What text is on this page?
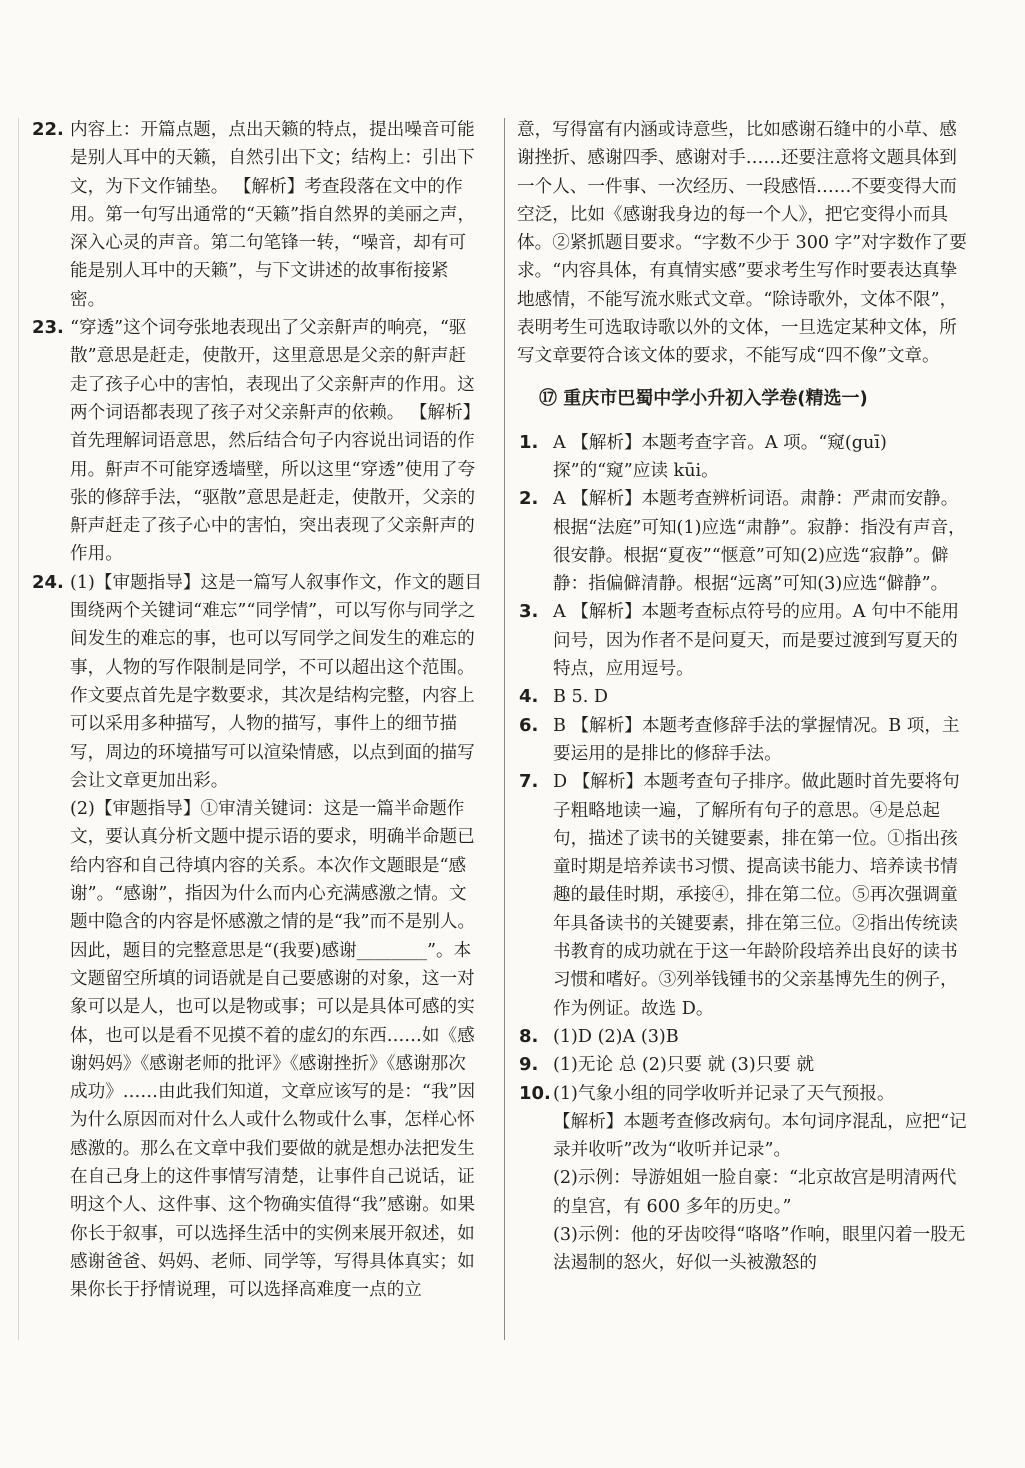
22. 内容上：开篇点题，点出天籁的特点，提出噪音可能是别人耳中的天籁，自然引出下文；结构上：引出下文，为下文作铺垫。 【解析】考查段落在文中的作用。第一句写出通常的“天籁”指自然界的美丽之声，深入心灵的声音。第二句笔锋一转，“噪音，却有可能是别人耳中的天籁”，与下文讲述的故事衔接紧密。

23. “穿透”这个词夸张地表现出了父亲鼾声的响亮，“驱散”意思是赶走，使散开，这里意思是父亲的鼾声赶走了孩子心中的害怕，表现出了父亲鼾声的作用。这两个词语都表现了孩子对父亲鼾声的依赖。 【解析】首先理解词语意思，然后结合句子内容说出词语的作用。鼾声不可能穿透墙壁，所以这里“穿透”使用了夸张的修辞手法，“驱散”意思是赶走，使散开，父亲的鼾声赶走了孩子心中的害怕，突出表现了父亲鼾声的作用。

24. (1)【审题指导】这是一篇写人叙事作文，作文的题目围绕两个关键词“难忘”“同学情”，可以写你与同学之间发生的难忘的事，也可以写同学之间发生的难忘的事，人物的写作限制是同学，不可以超出这个范围。作文要点首先是字数要求，其次是结构完整，内容上可以采用多种描写，人物的描写，事件上的细节描写，周边的环境描写可以渲染情感，以点到面的描写会让文章更加出彩。

(2)【审题指导】①审清关键词：这是一篇半命题作文，要认真分析文题中提示语的要求，明确半命题已给内容和自己待填内容的关系。本次作文题眼是“感谢”。“感谢”，指因为什么而内心充满感激之情。文题中隐含的内容是怀感激之情的是“我”而不是别人。因此，题目的完整意思是“(我要)感谢________”。本文题留空所填的词语就是自己要感谢的对象，这一对象可以是人，也可以是物或事；可以是具体可感的实体，也可以是看不见摸不着的虚幻的东西……如《感谢妈妈》《感谢老师的批评》《感谢挫折》《感谢那次成功》……由此我们知道，文章应该写的是：“我”因为什么原因而对什么人或什么物或什么事，怎样心怀感激的。那么在文章中我们要做的就是想办法把发生在自己身上的这件事情写清楚，让事件自己说话，证明这个人、这件事、这个物确实值得“我”感谢。如果你长于叙事，可以选择生活中的实例来展开叙述，如感谢爸爸、妈妈、老师、同学等，写得具体真实；如果你长于抒情说理，可以选择高难度一点的立

意，写得富有内涵或诗意些，比如感谢石缝中的小草、感谢挫折、感谢四季、感谢对手……还要注意将文题具体到一个人、一件事、一次经历、一段感悟……不要变得大而空泛，比如《感谢我身边的每一个人》，把它变得小而具体。②紧抓题目要求。“字数不少于 300 字”对字数作了要求。“内容具体，有真情实感”要求考生写作时要表达真挚地感情，不能写流水账式文章。“除诗歌外，文体不限”，表明考生可选取诗歌以外的文体，一旦选定某种文体，所写文章要符合该文体的要求，不能写成“四不像”文章。

⑰ 重庆市巴蜀中学小升初入学卷(精选一)
1. A 【解析】本题考查字音。A 项。“窥(guī)探”的“窥”应读 kūi。

2. A 【解析】本题考查辨析词语。肃静：严肃而安静。根据“法庭”可知(1)应选“肃静”。寂静：指没有声音，很安静。根据“夏夜”“惬意”可知(2)应选“寂静”。僻静：指偏僻清静。根据“远离”可知(3)应选“僻静”。

3. A 【解析】本题考查标点符号的应用。A 句中不能用问号，因为作者不是问夏天，而是要过渡到写夏天的特点，应用逗号。

4. B 5. D

6. B 【解析】本题考查修辞手法的掌握情况。B 项，主要运用的是排比的修辞手法。

7. D 【解析】本题考查句子排序。做此题时首先要将句子粗略地读一遍，了解所有句子的意思。④是总起句，描述了读书的关键要素，排在第一位。①指出孩童时期是培养读书习惯、提高读书能力、培养读书情趣的最佳时期，承接④，排在第二位。⑤再次强调童年具备读书的关键要素，排在第三位。②指出传统读书教育的成功就在于这一年龄阶段培养出良好的读书习惯和嗜好。③列举钱锺书的父亲基博先生的例子，作为例证。故选 D。

8. (1)D (2)A (3)B

9. (1)无论 总 (2)只要 就 (3)只要 就

10. (1)气象小组的同学收听并记录了天气预报。

【解析】本题考查修改病句。本句词序混乱，应把“记录并收听”改为“收听并记录”。

(2)示例：导游姐姐一脸自豪：“北京故宫是明清两代的皇宫，有 600 多年的历史。”

(3)示例：他的牙齿咬得“咯咯”作响，眼里闪着一股无法遏制的怒火，好似一头被激怒的
